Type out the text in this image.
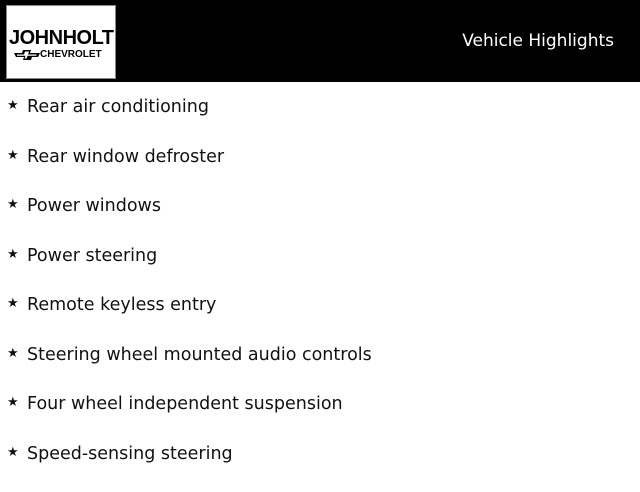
JOHNHOLT
CHEVROLET
Vehicle Highlights
★ Rear air conditioning
★ Rear window defroster
★ Power windows
★ Power steering
★ Remote keyless entry
★ Steering wheel mounted audio controls
★ Four wheel independent suspension
★ Speed-sensing steering
